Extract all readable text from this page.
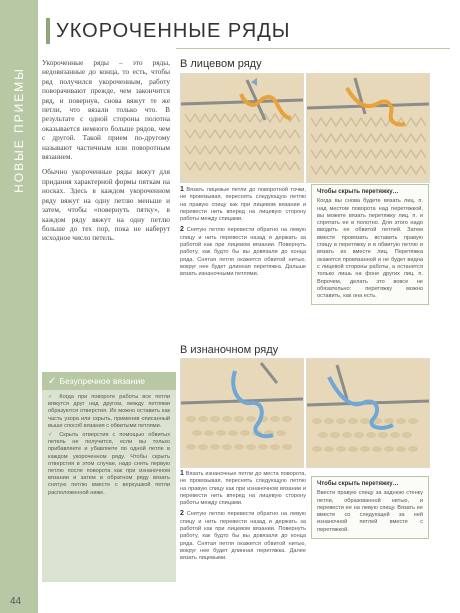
НОВЫЕ ПРИЕМЫ
44
УКОРОЧЕННЫЕ РЯДЫ

Укороченные ряды – это ряды, недовязанные до конца, то есть, чтобы ряд получился укороченным, работу поворачивают прежде, чем закончится ряд, и повернув, снова вяжут те же петли, что вязали только что. В результате с одной стороны полотна оказывается немного больше рядов, чем с другой. Такой прием по-другому называют частичным или поворотным вязанием.

Обычно укороченные ряды вяжут для придания характерной формы пяткам на носках. Здесь в каждом укороченном ряду вяжут на одну петлю меньше и затем, чтобы «повернуть пятку», в каждом ряду вяжут на одну петлю больше до тех пор, пока не наберут исходное число петель.

В лицевом ряду

1 Вязать лицевые петли до поворотной точки, не провязывая, переснять следующую петлю на правую спицу как при лицевом вязании и перевести нить вперед на лицевую сторону работы между спицами.

2 Снятую петлю перевести обратно на левую спицу и нить перевести назад и держать за работой как при лицевом вязании. Повернуть работу, как будто бы вы довязали до конца ряда. Снятая петля окажется обвитой нитью, вокруг нее будет длинная перетяжка. Дальше вязать изнаночными петлями.

Чтобы скрыть перетяжку…
Когда вы снова будете вязать лиц. п. над местом поворота над перетяжкой, вы можете вязать перетяжку лиц. п. и спрятать ее в полотно. Для этого надо вводить ее обвитой петлей. Затем вместе провязать вставить правую спицу в перетяжку и в обвитую петлю и вязать их вместе лиц. Перетяжка окажется провязанной и не будет видна с лицевой стороны работы, а останется только лишь на фоне других лиц. п. Впрочем, делать это вовсе не обязательно: перетяжку можно оставить, как она есть.
В изнаночном ряду

1 Вязать изнаночные петли до места поворота, не провязывая, переснять следующую петлю на правую спицу как при изнаночном вязании и перевести нить вперед на лицевую сторону работы между спицами.

2 Снятую петлю перевести обратно на левую спицу и нить перевести назад и держать за работой как при лицевом вязании. Повернуть работу, как будто бы вы довязали до конца ряда. Снятая петля окажется обвитой нитью, вокруг нее будет длинная перетяжка. Далее вязать лицевыми.

Чтобы скрыть перетяжку…
Ввести правую спицу за заднюю стенку петли, образованной нитью, и перевести ее на левую спицу. Вязать ее вместе со следующей за ней изнаночной петлей вместе с перетяжкой.
✓ Безупречное вязание

✓ Когда при повороте работы все петли вяжутся друг над другом, между петлями образуются отверстия. Их можно оставить как часть узора или скрыть, применив описанный выше способ вязания с обвитыми петлями.

✓ Скрыть отверстия с помощью обвитых петель не получится, если вы только прибавляете и убавляете по одной петле в каждом укороченном ряду. Чтобы скрыть отверстия в этом случае, надо снять первую петлю после поворота как при изнаночном вязании и затем в обратном ряду вязать снятую петлю вместе с верхушкой петли расположенной ниже.
